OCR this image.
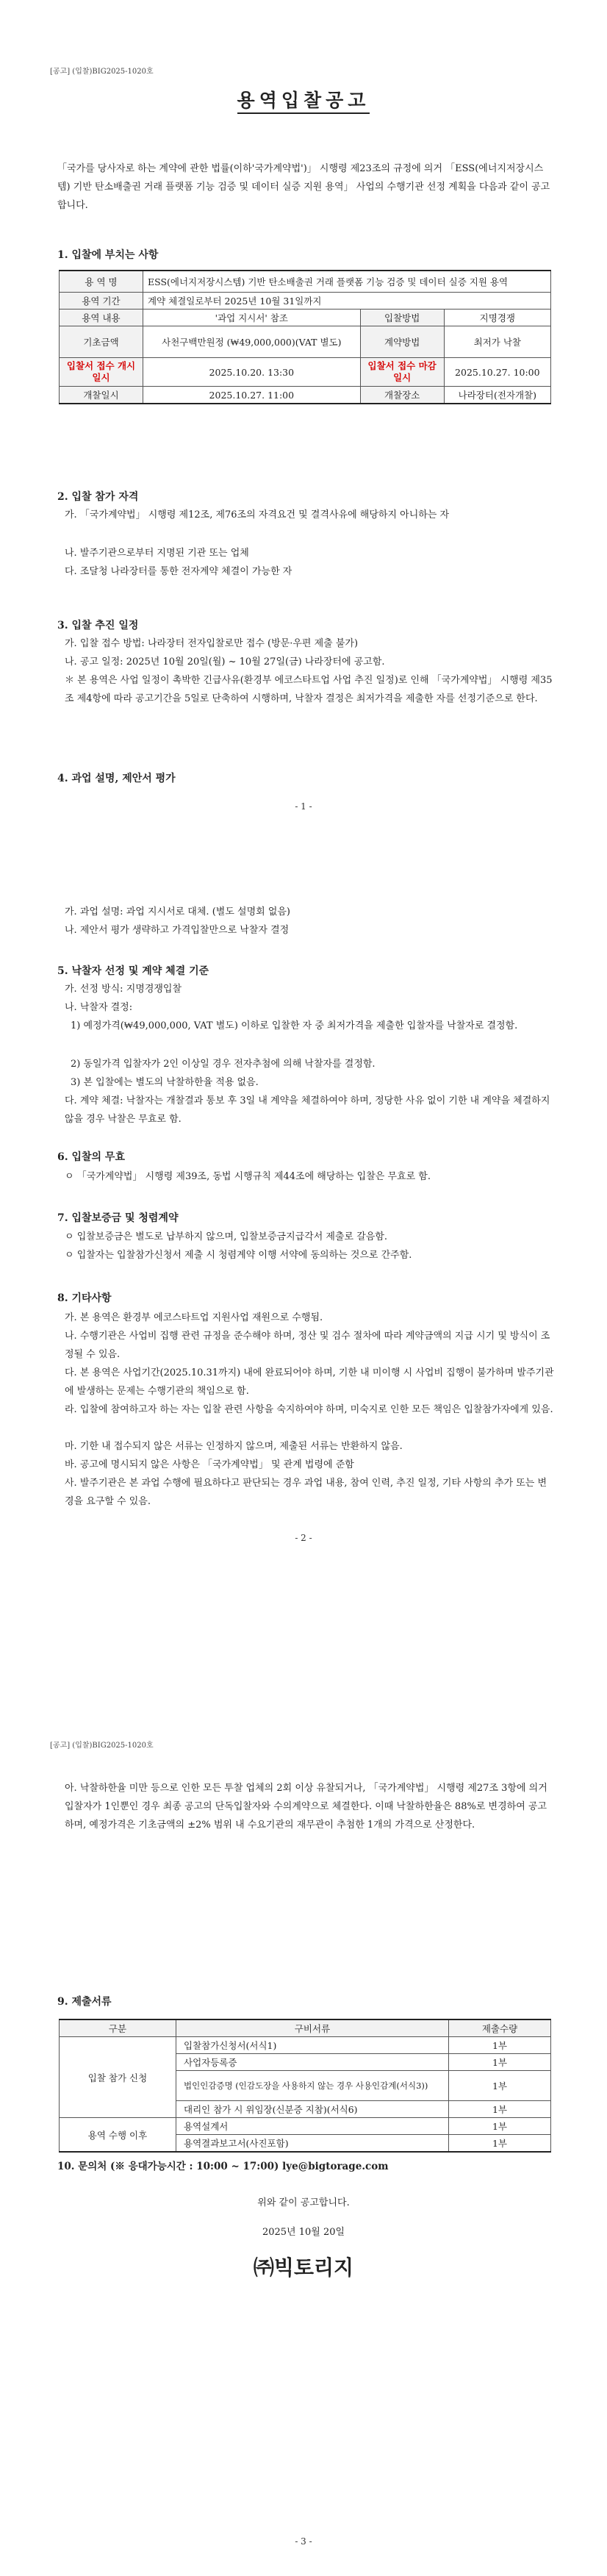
[공고] (입찰)BIG2025-1020호
용역입찰공고
「국가를 당사자로 하는 계약에 관한 법률(이하'국가계약법')」 시행령 제23조의 규정에 의거 「ESS(에너지저장시스템) 기반 탄소배출권 거래 플랫폼 기능 검증 및 데이터 실증 지원 용역」 사업의 수행기관 선정 계획을 다음과 같이 공고합니다.
1. 입찰에 부치는 사항
용 역 명	ESS(에너지저장시스템) 기반 탄소배출권 거래 플랫폼 기능 검증 및 데이터 실증 지원 용역		
용역 기간	계약 체결일로부터 2025년 10월 31일까지		
용역 내용	'과업 지시서' 참조	입찰방법	지명경쟁
기초금액	사천구백만원정 (₩49,000,000)(VAT 별도)	계약방법	최저가 낙찰
입찰서 접수 개시일시	2025.10.20. 13:30	입찰서 접수 마감일시	2025.10.27. 10:00
개찰일시	2025.10.27. 11:00	개찰장소	나라장터(전자개찰)
2. 입찰 참가 자격
가. 「국가계약법」 시행령 제12조, 제76조의 자격요건 및 결격사유에 해당하지 아니하는 자
나. 발주기관으로부터 지명된 기관 또는 업체
다. 조달청 나라장터를 통한 전자계약 체결이 가능한 자
3. 입찰 추진 일정
가. 입찰 접수 방법: 나라장터 전자입찰로만 접수 (방문·우편 제출 불가)
나. 공고 일정: 2025년 10월 20일(월) ~ 10월 27일(금) 나라장터에 공고함.
＊ 본 용역은 사업 일정이 촉박한 긴급사유(환경부 에코스타트업 사업 추진 일정)로 인해 「국가계약법」 시행령 제35조 제4항에 따라 공고기간을 5일로 단축하여 시행하며, 낙찰자 결정은 최저가격을 제출한 자를 선정기준으로 한다.
4. 과업 설명, 제안서 평가
- 1 -
가. 과업 설명: 과업 지시서로 대체. (별도 설명회 없음)
나. 제안서 평가 생략하고 가격입찰만으로 낙찰자 결정
5. 낙찰자 선정 및 계약 체결 기준
가. 선정 방식: 지명경쟁입찰
나. 낙찰자 결정:
1) 예정가격(₩49,000,000, VAT 별도) 이하로 입찰한 자 중 최저가격을 제출한 입찰자를 낙찰자로 결정함.
2) 동일가격 입찰자가 2인 이상일 경우 전자추첨에 의해 낙찰자를 결정함.
3) 본 입찰에는 별도의 낙찰하한율 적용 없음.
다. 계약 체결: 낙찰자는 개찰결과 통보 후 3일 내 계약을 체결하여야 하며, 정당한 사유 없이 기한 내 계약을 체결하지 않을 경우 낙찰은 무효로 함.
6. 입찰의 무효
ㅇ 「국가계약법」 시행령 제39조, 동법 시행규칙 제44조에 해당하는 입찰은 무효로 함.
7. 입찰보증금 및 청렴계약
ㅇ 입찰보증금은 별도로 납부하지 않으며, 입찰보증금지급각서 제출로 갈음함.
ㅇ 입찰자는 입찰참가신청서 제출 시 청렴계약 이행 서약에 동의하는 것으로 간주함.
8. 기타사항
가. 본 용역은 환경부 에코스타트업 지원사업 재원으로 수행됨.
나. 수행기관은 사업비 집행 관련 규정을 준수해야 하며, 정산 및 검수 절차에 따라 계약금액의 지급 시기 및 방식이 조정될 수 있음.
다. 본 용역은 사업기간(2025.10.31까지) 내에 완료되어야 하며, 기한 내 미이행 시 사업비 집행이 불가하며 발주기관에 발생하는 문제는 수행기관의 책임으로 함.
라. 입찰에 참여하고자 하는 자는 입찰 관련 사항을 숙지하여야 하며, 미숙지로 인한 모든 책임은 입찰참가자에게 있음.
마. 기한 내 접수되지 않은 서류는 인정하지 않으며, 제출된 서류는 반환하지 않음.
바. 공고에 명시되지 않은 사항은 「국가계약법」 및 관계 법령에 준함
사. 발주기관은 본 과업 수행에 필요하다고 판단되는 경우 과업 내용, 참여 인력, 추진 일정, 기타 사항의 추가 또는 변경을 요구할 수 있음.
- 2 -
[공고] (입찰)BIG2025-1020호
아. 낙찰하한율 미만 등으로 인한 모든 투찰 업체의 2회 이상 유찰되거나, 「국가계약법」 시행령 제27조 3항에 의거 입찰자가 1인뿐인 경우 최종 공고의 단독입찰자와 수의계약으로 체결한다. 이때 낙찰하한율은 88%로 변경하여 공고하며, 예정가격은 기초금액의 ±2% 범위 내 수요기관의 재무관이 추첨한 1개의 가격으로 산정한다.
9. 제출서류
구분	구비서류	제출수량
입찰 참가 신청	입찰참가신청서(서식1)	1부
	사업자등록증	1부
	법인인감증명 (인감도장을 사용하지 않는 경우 사용인감계(서식3))	1부
	대리인 참가 시 위임장(신분증 지참)(서식6)	1부
용역 수행 이후	용역설계서	1부
	용역결과보고서(사진포함)	1부
10. 문의처 (※ 응대가능시간 : 10:00 ~ 17:00) lye@bigtorage.com
위와 같이 공고합니다.
2025년 10월 20일
㈜빅토리지
- 3 -
